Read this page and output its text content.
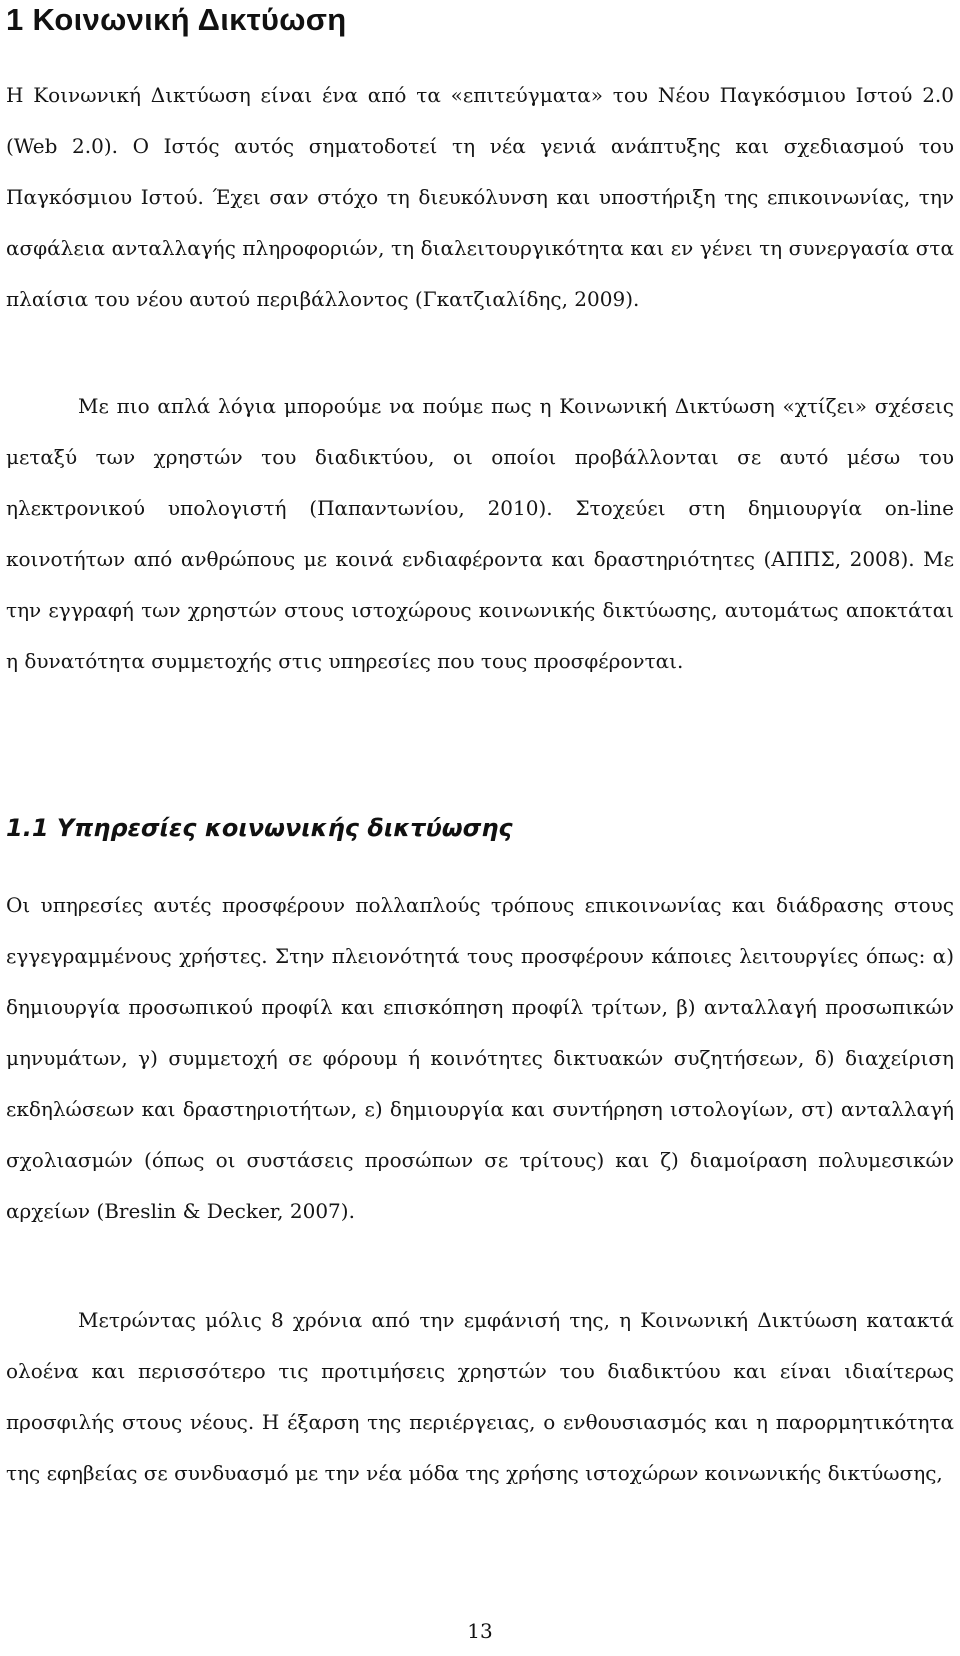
1 Κοινωνική Δικτύωση

Η Κοινωνική Δικτύωση είναι ένα από τα «επιτεύγματα» του Νέου Παγκόσμιου Ιστού 2.0 (Web 2.0). Ο Ιστός αυτός σηματοδοτεί τη νέα γενιά ανάπτυξης και σχεδιασμού του Παγκόσμιου Ιστού. Έχει σαν στόχο τη διευκόλυνση και υποστήριξη της επικοινωνίας, την ασφάλεια ανταλλαγής πληροφοριών, τη διαλειτουργικότητα και εν γένει τη συνεργασία στα πλαίσια του νέου αυτού περιβάλλοντος (Γκατζιαλίδης, 2009).

Με πιο απλά λόγια μπορούμε να πούμε πως η Κοινωνική Δικτύωση «χτίζει» σχέσεις μεταξύ των χρηστών του διαδικτύου, οι οποίοι προβάλλονται σε αυτό μέσω του ηλεκτρονικού υπολογιστή (Παπαντωνίου, 2010). Στοχεύει στη δημιουργία on-line κοινοτήτων από ανθρώπους με κοινά ενδιαφέροντα και δραστηριότητες (ΑΠΠΣ, 2008). Με την εγγραφή των χρηστών στους ιστοχώρους κοινωνικής δικτύωσης, αυτομάτως αποκτάται η δυνατότητα συμμετοχής στις υπηρεσίες που τους προσφέρονται.

1.1 Υπηρεσίες κοινωνικής δικτύωσης

Οι υπηρεσίες αυτές προσφέρουν πολλαπλούς τρόπους επικοινωνίας και διάδρασης στους εγγεγραμμένους χρήστες. Στην πλειονότητά τους προσφέρουν κάποιες λειτουργίες όπως: α) δημιουργία προσωπικού προφίλ και επισκόπηση προφίλ τρίτων, β) ανταλλαγή προσωπικών μηνυμάτων, γ) συμμετοχή σε φόρουμ ή κοινότητες δικτυακών συζητήσεων, δ) διαχείριση εκδηλώσεων και δραστηριοτήτων, ε) δημιουργία και συντήρηση ιστολογίων, στ) ανταλλαγή σχολιασμών (όπως οι συστάσεις προσώπων σε τρίτους) και ζ) διαμοίραση πολυμεσικών αρχείων (Breslin & Decker, 2007).

Μετρώντας μόλις 8 χρόνια από την εμφάνισή της, η Κοινωνική Δικτύωση κατακτά ολοένα και περισσότερο τις προτιμήσεις χρηστών του διαδικτύου και είναι ιδιαίτερως προσφιλής στους νέους. Η έξαρση της περιέργειας, ο ενθουσιασμός και η παρορμητικότητα της εφηβείας σε συνδυασμό με την νέα μόδα της χρήσης ιστοχώρων κοινωνικής δικτύωσης,

13
